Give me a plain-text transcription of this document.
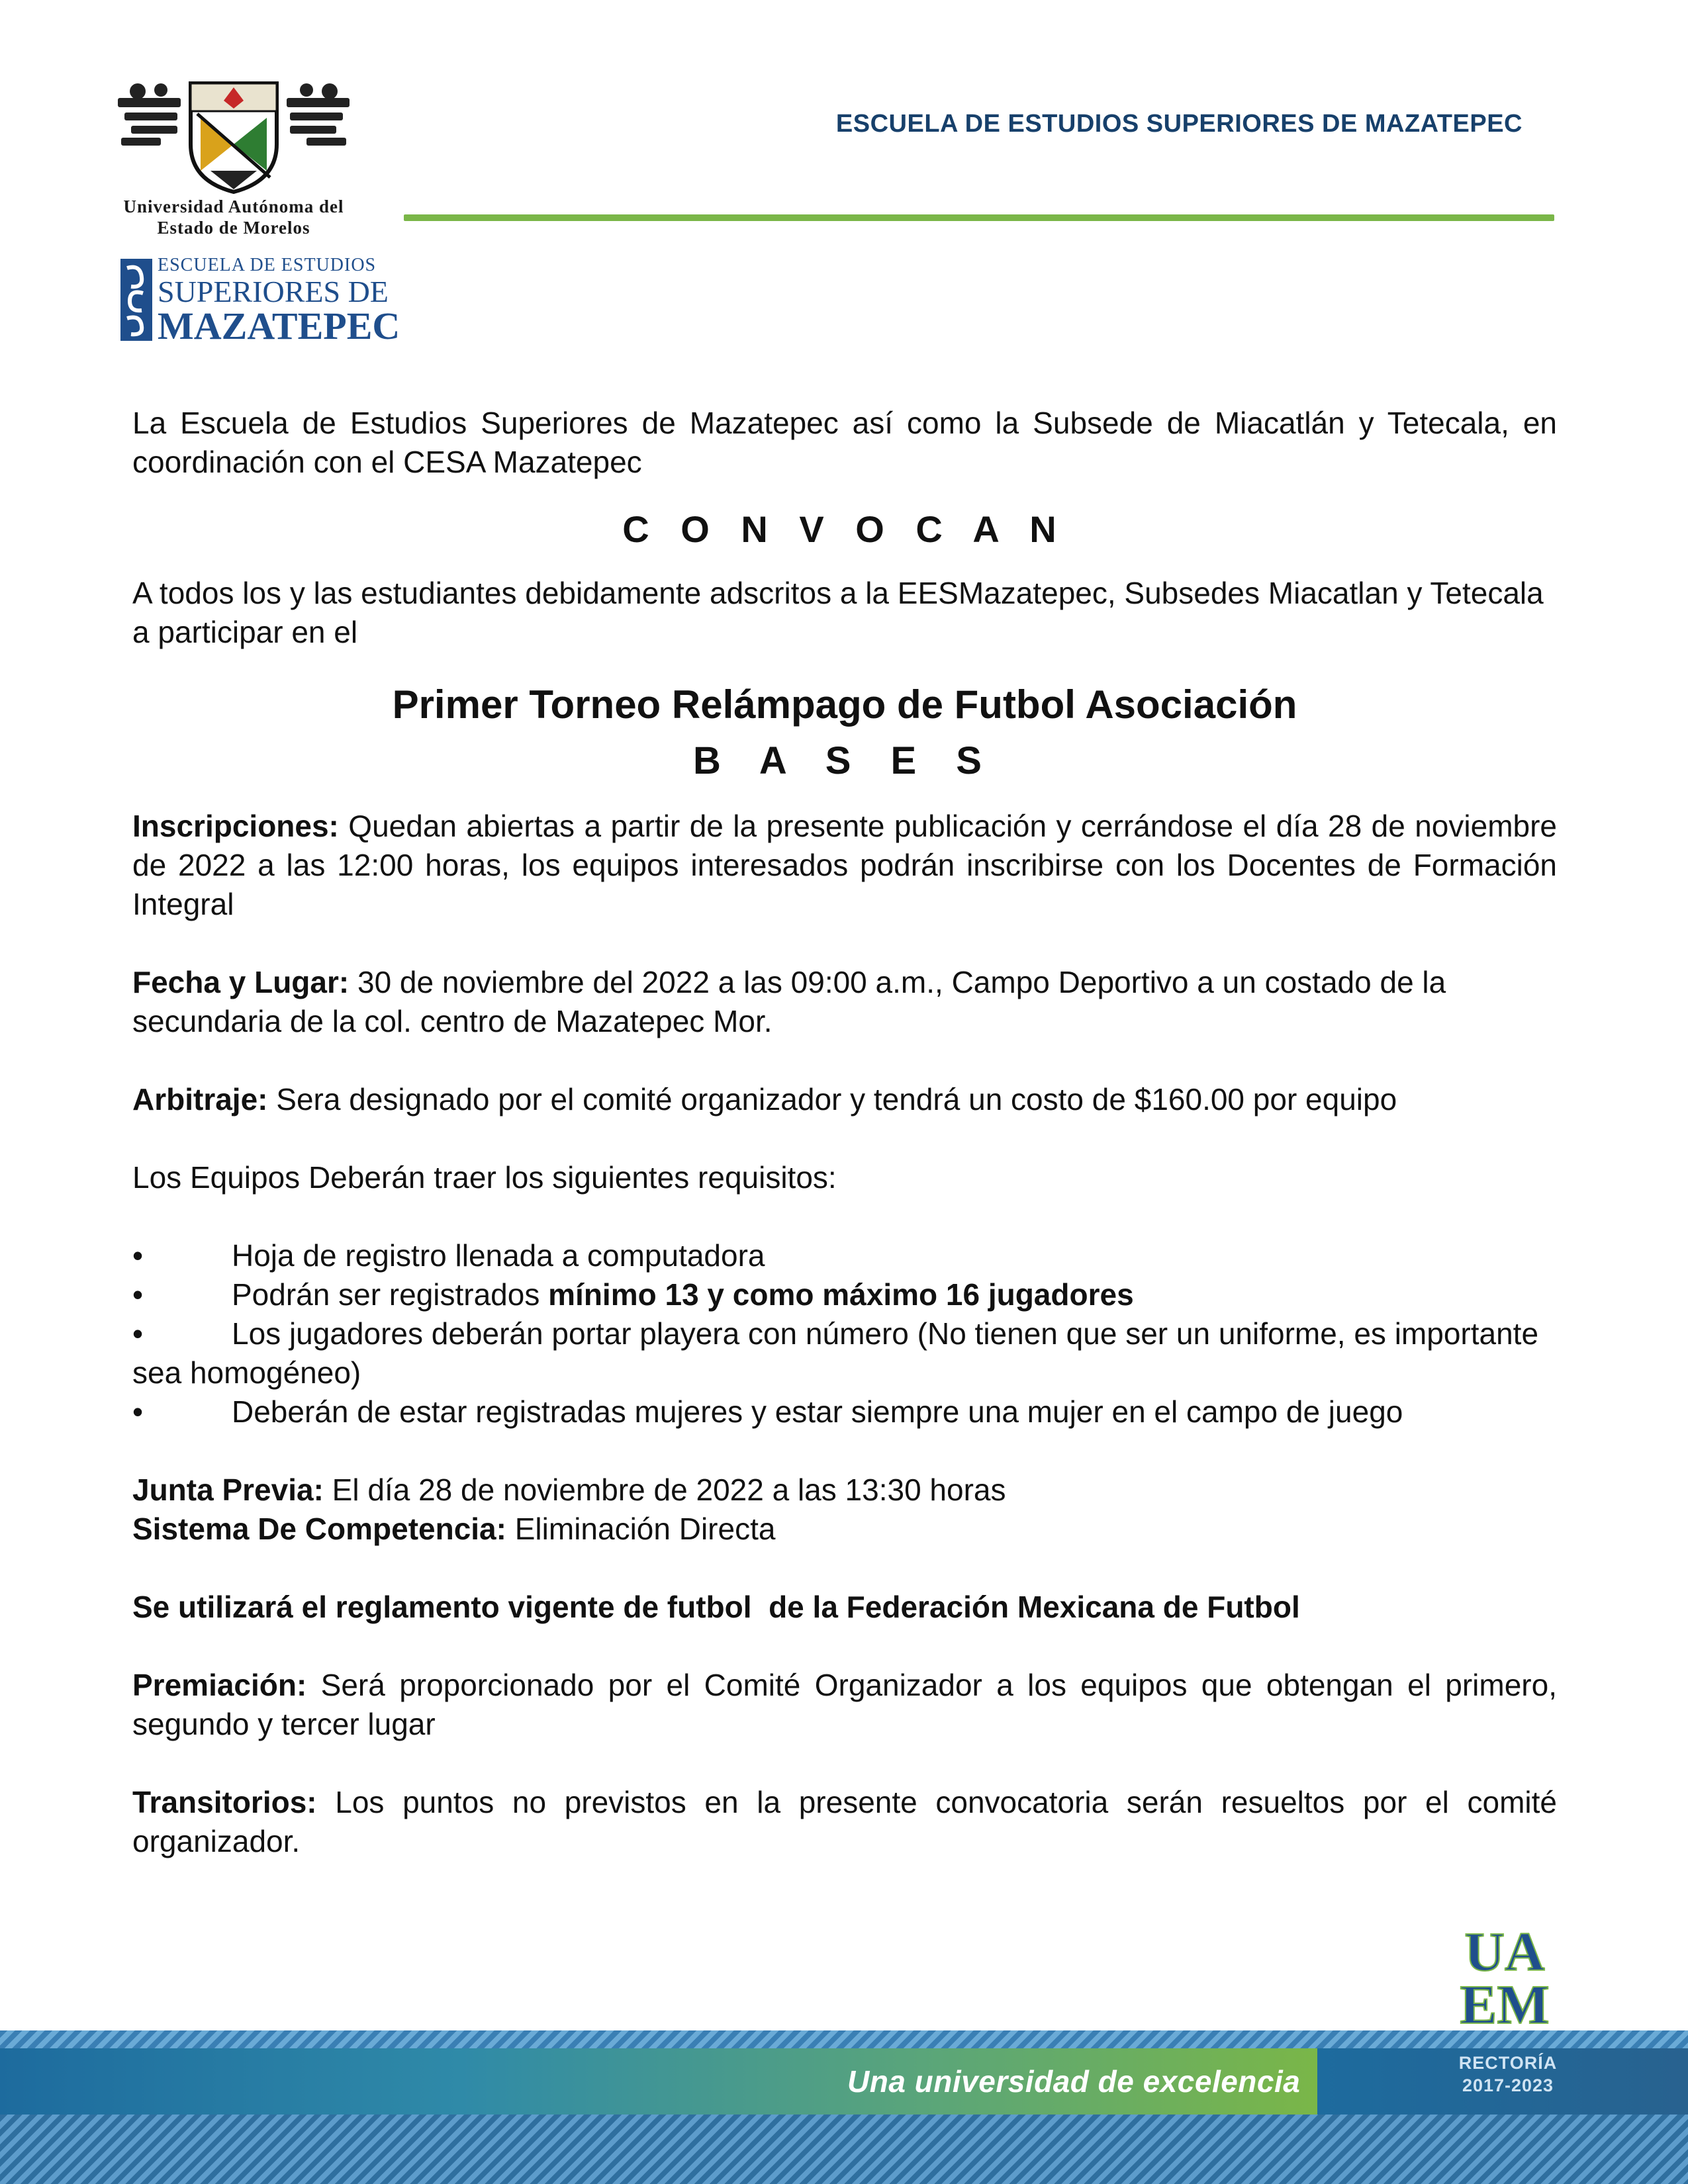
Universidad Autónoma del
Estado de Morelos
ESCUELA DE ESTUDIOS
SUPERIORES DE
MAZATEPEC
ESCUELA DE ESTUDIOS SUPERIORES DE MAZATEPEC

La Escuela de Estudios Superiores de Mazatepec así como la Subsede de Miacatlán y Tetecala, en coordinación con el CESA Mazatepec

C O N V O C A N

A todos los y las estudiantes debidamente adscritos a la EESMazatepec, Subsedes Miacatlan y Tetecala a participar en el

Primer Torneo Relámpago de Futbol Asociación
B A S E S

Inscripciones: Quedan abiertas a partir de la presente publicación y cerrándose el día 28 de noviembre de 2022 a las 12:00 horas, los equipos interesados podrán inscribirse con los Docentes de Formación Integral

Fecha y Lugar: 30 de noviembre del 2022 a las 09:00 a.m., Campo Deportivo a un costado de la secundaria de la col. centro de Mazatepec Mor.

Arbitraje: Sera designado por el comité organizador y tendrá un costo de $160.00 por equipo

Los Equipos Deberán traer los siguientes requisitos:

•	Hoja de registro llenada a computadora
•	Podrán ser registrados mínimo 13 y como máximo 16 jugadores
•	Los jugadores deberán portar playera con número (No tienen que ser un uniforme, es importante sea homogéneo)
•	Deberán de estar registradas mujeres y estar siempre una mujer en el campo de juego

Junta Previa: El día 28 de noviembre de 2022 a las 13:30 horas

Sistema De Competencia: Eliminación Directa

Se utilizará el reglamento vigente de futbol  de la Federación Mexicana de Futbol

Premiación: Será proporcionado por el Comité Organizador a los equipos que obtengan el primero, segundo y tercer lugar

Transitorios: Los puntos no previstos en la presente convocatoria serán resueltos por el comité organizador.

UA
EM
Una universidad de excelencia
RECTORÍA
2017-2023
